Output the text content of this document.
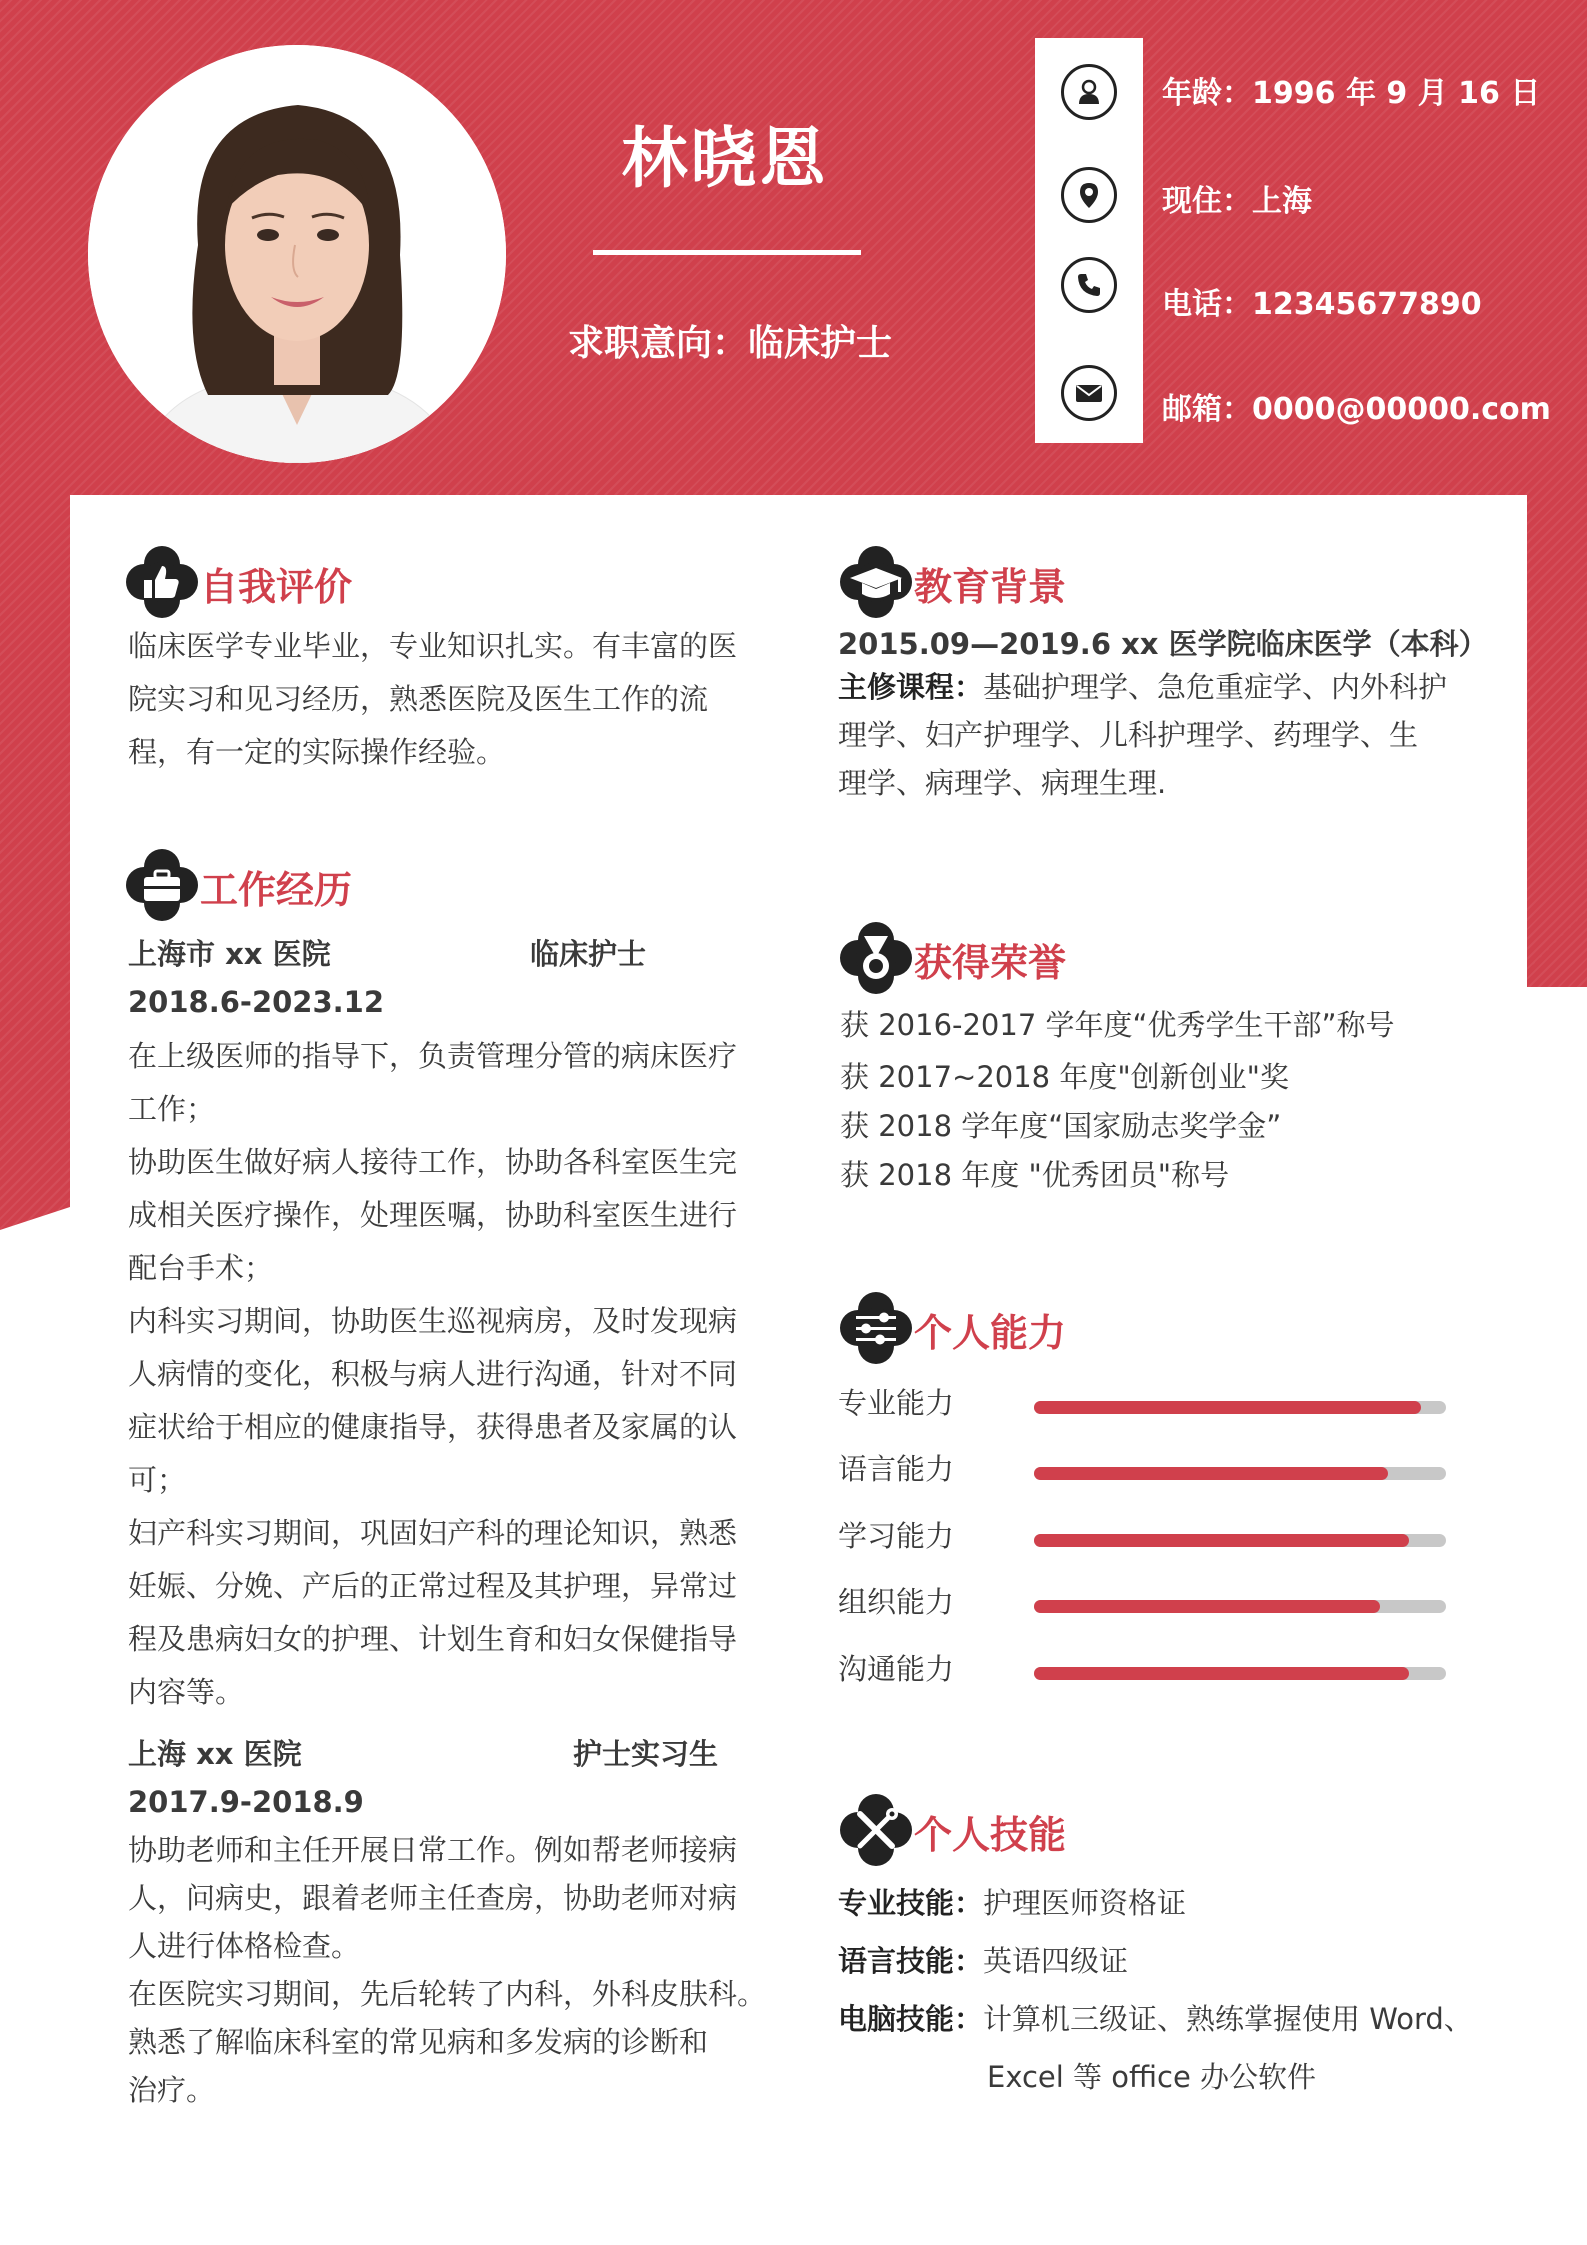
林晓恩
求职意向：临床护士
年龄：1996 年 9 月 16 日
现住：上海
电话：12345677890
邮箱：0000@00000.com
自我评价
临床医学专业毕业，专业知识扎实。有丰富的医
院实习和见习经历，熟悉医院及医生工作的流
程，有一定的实际操作经验。
工作经历
上海市 xx 医院	临床护士
2018.6-2023.12
在上级医师的指导下，负责管理分管的病床医疗
工作；
协助医生做好病人接待工作，协助各科室医生完
成相关医疗操作，处理医嘱，协助科室医生进行
配台手术；
内科实习期间，协助医生巡视病房，及时发现病
人病情的变化，积极与病人进行沟通，针对不同
症状给于相应的健康指导，获得患者及家属的认
可；
妇产科实习期间，巩固妇产科的理论知识，熟悉
妊娠、分娩、产后的正常过程及其护理，异常过
程及患病妇女的护理、计划生育和妇女保健指导
内容等。
上海 xx 医院	护士实习生
2017.9-2018.9
协助老师和主任开展日常工作。例如帮老师接病
人，问病史，跟着老师主任查房，协助老师对病
人进行体格检查。
在医院实习期间，先后轮转了内科，外科皮肤科。
熟悉了解临床科室的常见病和多发病的诊断和
治疗。
教育背景
2015.09—2019.6 xx 医学院临床医学（本科）
主修课程：基础护理学、急危重症学、内外科护
理学、妇产护理学、儿科护理学、药理学、生
理学、病理学、病理生理.
获得荣誉
获 2016-2017 学年度“优秀学生干部”称号
获 2017~2018 年度"创新创业"奖
获 2018 学年度“国家励志奖学金”
获 2018 年度 "优秀团员"称号
个人能力
专业能力
语言能力
学习能力
组织能力
沟通能力
个人技能
专业技能：护理医师资格证
语言技能：英语四级证
电脑技能：计算机三级证、熟练掌握使用 Word、
Excel 等 office 办公软件
